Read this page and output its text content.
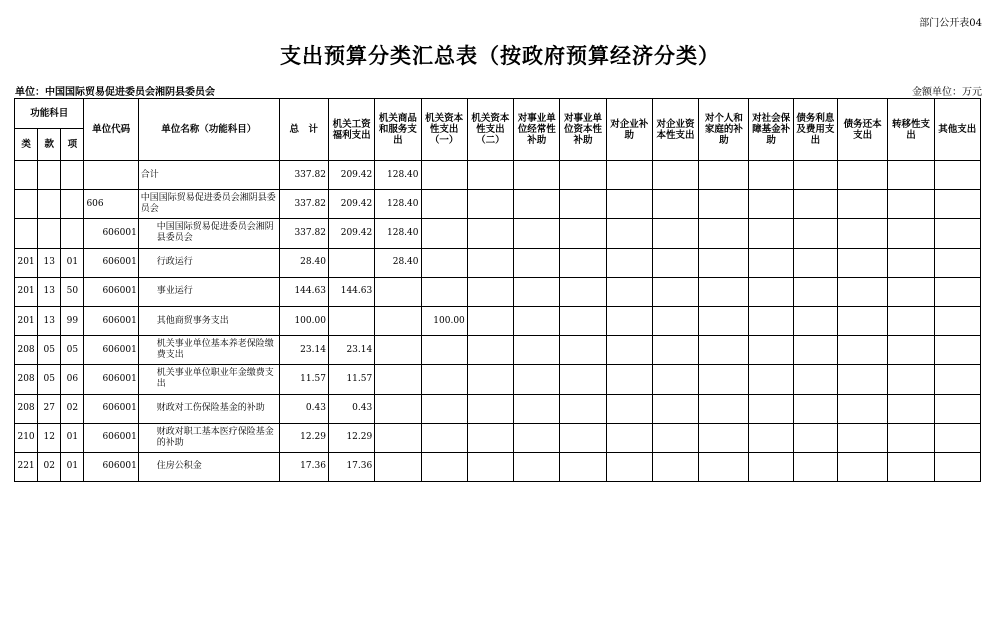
部门公开表04
支出预算分类汇总表（按政府预算经济分类）
单位：中国国际贸易促进委员会湘阴县委员会	金额单位：万元
功能科目			单位代码	单位名称（功能科目）	总　计	机关工资福利支出	机关商品和服务支出	机关资本性支出（一）	机关资本性支出（二）	对事业单位经常性补助	对事业单位资本性补助	对企业补助	对企业资本性支出	对个人和家庭的补助	对社会保障基金补助	债务利息及费用支出	债务还本支出	转移性支出	其他支出
类	款	项																	
				合计	337.82	209.42	128.40												
			606	中国国际贸易促进委员会湘阴县委员会	337.82	209.42	128.40												
			606001	中国国际贸易促进委员会湘阴县委员会	337.82	209.42	128.40												
201	13	01	606001	行政运行	28.40		28.40												
201	13	50	606001	事业运行	144.63	144.63													
201	13	99	606001	其他商贸事务支出	100.00			100.00											
208	05	05	606001	机关事业单位基本养老保险缴费支出	23.14	23.14													
208	05	06	606001	机关事业单位职业年金缴费支出	11.57	11.57													
208	27	02	606001	财政对工伤保险基金的补助	0.43	0.43													
210	12	01	606001	财政对职工基本医疗保险基金的补助	12.29	12.29													
221	02	01	606001	住房公积金	17.36	17.36													
